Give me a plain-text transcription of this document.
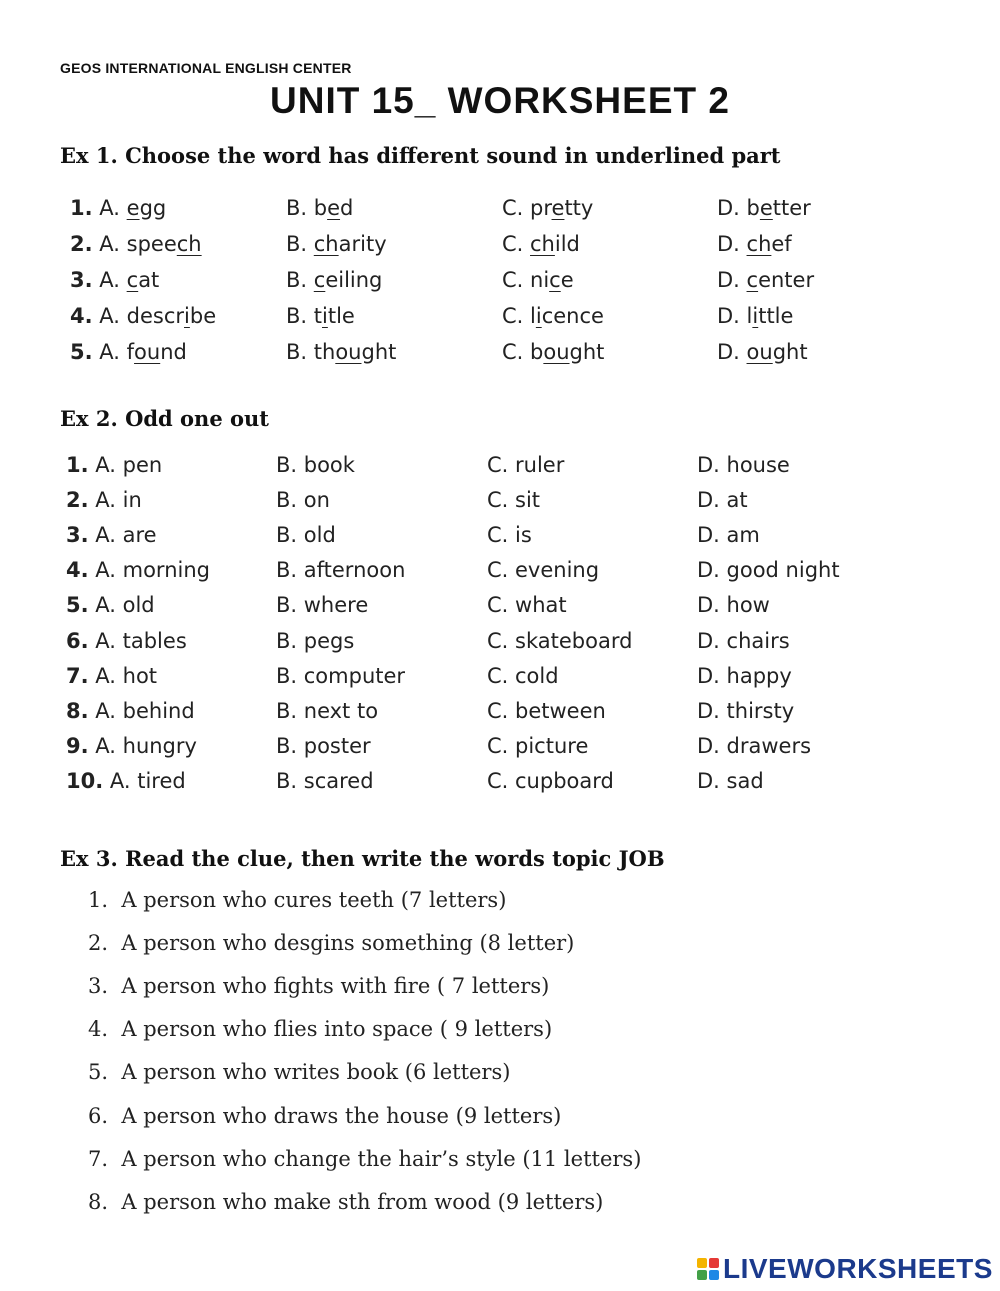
GEOS INTERNATIONAL ENGLISH CENTER
UNIT 15_ WORKSHEET 2
Ex 1. Choose the word has different sound in underlined part
1. A. egg	B. bed	C. pretty	D. better
2. A. speech	B. charity	C. child	D. chef
3. A. cat	B. ceiling	C. nice	D. center
4. A. describe	B. title	C. licence	D. little
5. A. found	B. thought	C. bought	D. ought
Ex 2. Odd one out
1. A. pen	B. book	C. ruler	D. house
2. A. in	B. on	C. sit	D. at
3. A. are	B. old	C. is	D. am
4. A. morning	B. afternoon	C. evening	D. good night
5. A. old	B. where	C. what	D. how
6. A. tables	B. pegs	C. skateboard	D. chairs
7. A. hot	B. computer	C. cold	D. happy
8. A. behind	B. next to	C. between	D. thirsty
9. A. hungry	B. poster	C. picture	D. drawers
10. A. tired	B. scared	C. cupboard	D. sad
Ex 3. Read the clue, then write the words topic JOB
1.  A person who cures teeth (7 letters)
2.  A person who desgins something (8 letter)
3.  A person who fights with fire ( 7 letters)
4.  A person who flies into space ( 9 letters)
5.  A person who writes book (6 letters)
6.  A person who draws the house (9 letters)
7.  A person who change the hair’s style (11 letters)
8.  A person who make sth from wood (9 letters)
LIVEWORKSHEETS
